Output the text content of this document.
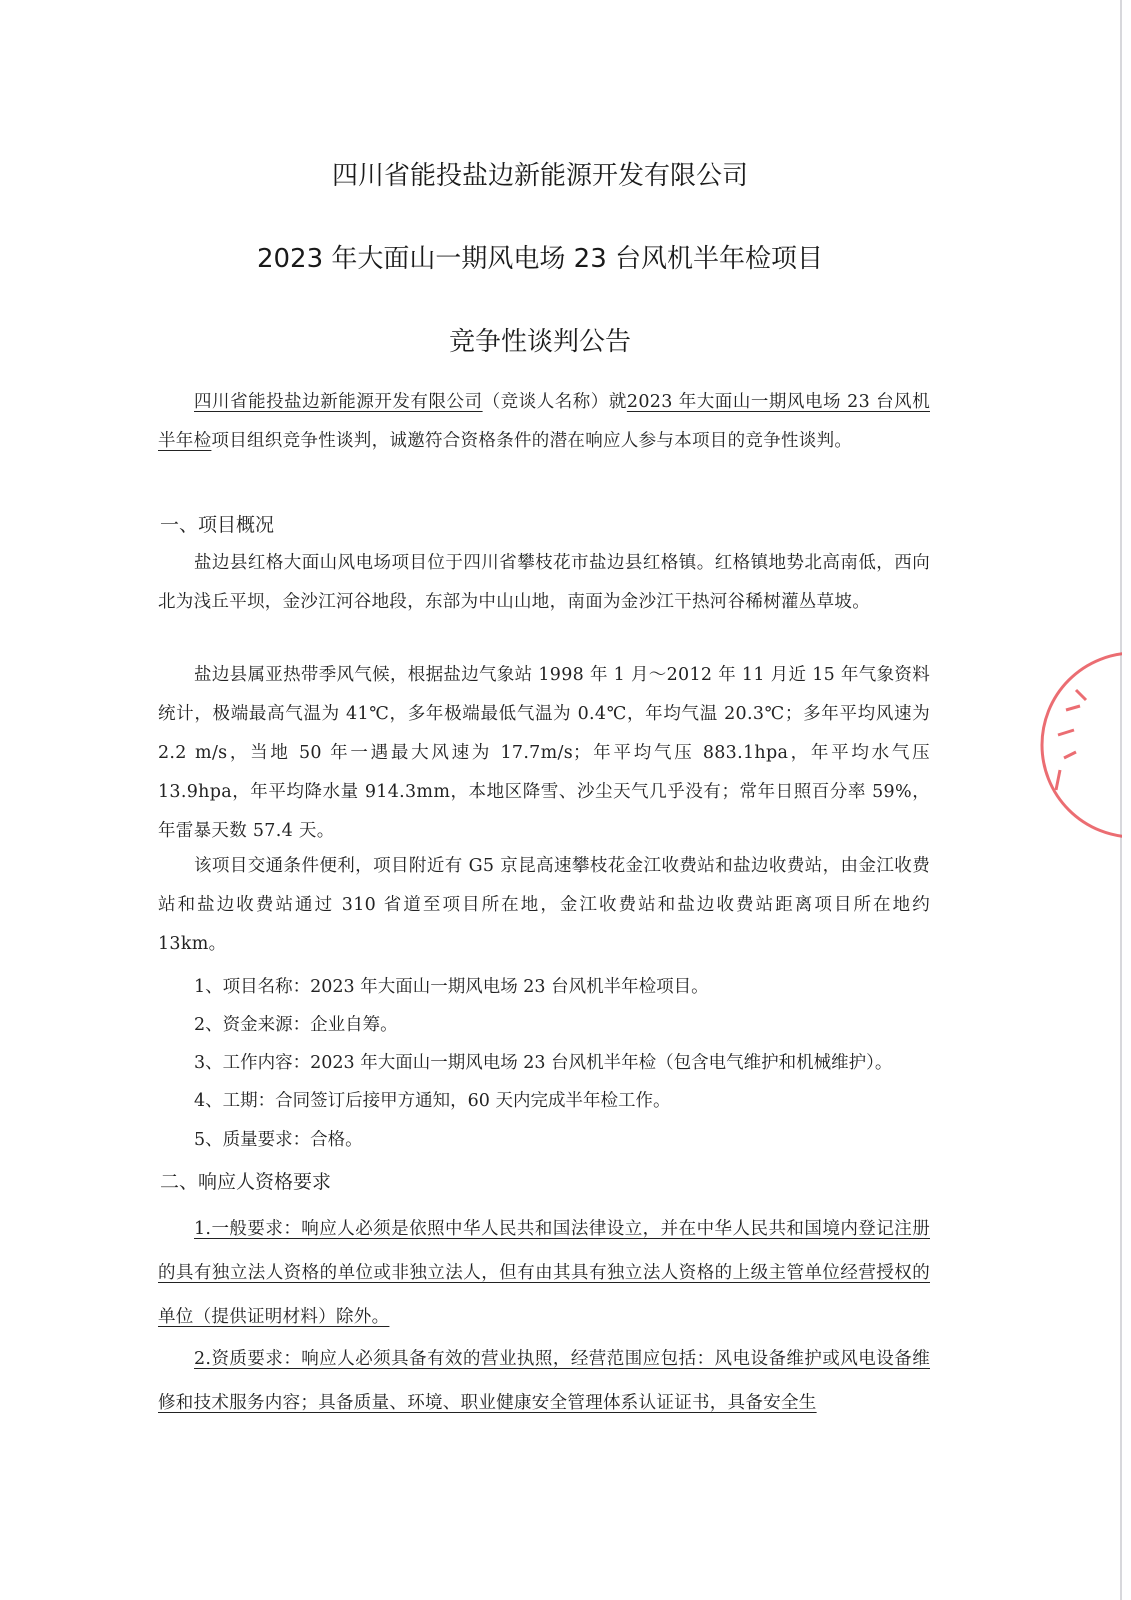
四川省能投盐边新能源开发有限公司
2023 年大面山一期风电场 23 台风机半年检项目
竞争性谈判公告
四川省能投盐边新能源开发有限公司（竞谈人名称）就2023 年大面山一期风电场 23 台风机半年检项目组织竞争性谈判，诚邀符合资格条件的潜在响应人参与本项目的竞争性谈判。
一、项目概况
盐边县红格大面山风电场项目位于四川省攀枝花市盐边县红格镇。红格镇地势北高南低，西向北为浅丘平坝，金沙江河谷地段，东部为中山山地，南面为金沙江干热河谷稀树灌丛草坡。
盐边县属亚热带季风气候，根据盐边气象站 1998 年 1 月～2012 年 11 月近 15 年气象资料统计，极端最高气温为 41℃，多年极端最低气温为 0.4℃，年均气温 20.3℃；多年平均风速为 2.2 m/s，当地 50 年一遇最大风速为 17.7m/s；年平均气压 883.1hpa，年平均水气压 13.9hpa，年平均降水量 914.3mm，本地区降雪、沙尘天气几乎没有；常年日照百分率 59%，年雷暴天数 57.4 天。
该项目交通条件便利，项目附近有 G5 京昆高速攀枝花金江收费站和盐边收费站，由金江收费站和盐边收费站通过 310 省道至项目所在地，金江收费站和盐边收费站距离项目所在地约 13km。
1、项目名称：2023 年大面山一期风电场 23 台风机半年检项目。
2、资金来源：企业自筹。
3、工作内容：2023 年大面山一期风电场 23 台风机半年检（包含电气维护和机械维护）。
4、工期：合同签订后接甲方通知，60 天内完成半年检工作。
5、质量要求：合格。
二、响应人资格要求
1.一般要求：响应人必须是依照中华人民共和国法律设立，并在中华人民共和国境内登记注册的具有独立法人资格的单位或非独立法人，但有由其具有独立法人资格的上级主管单位经营授权的单位（提供证明材料）除外。
2.资质要求：响应人必须具备有效的营业执照，经营范围应包括：风电设备维护或风电设备维修和技术服务内容；具备质量、环境、职业健康安全管理体系认证证书，具备安全生
